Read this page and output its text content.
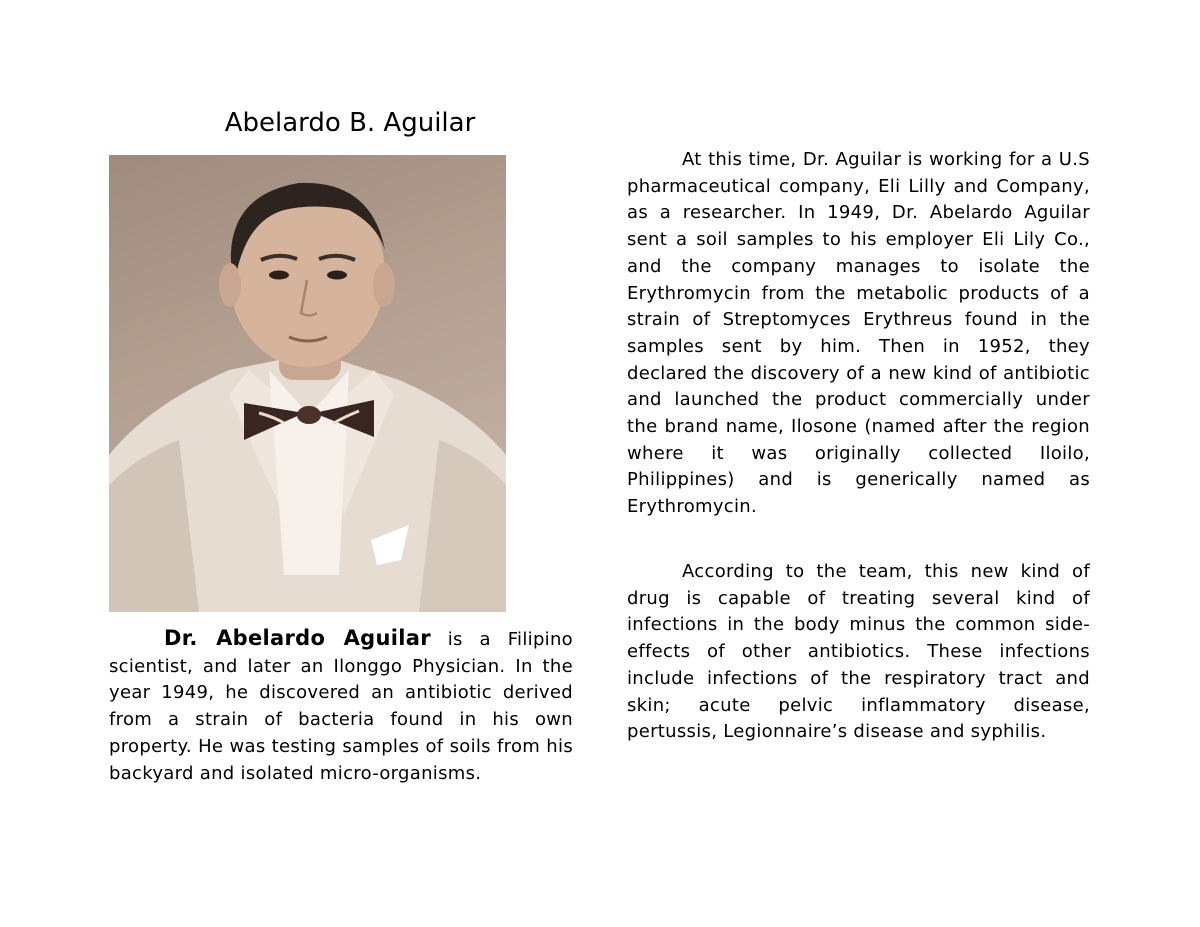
Abelardo B. Aguilar

Dr. Abelardo Aguilar is a Filipino scientist, and later an Ilonggo Physician. In the year 1949, he discovered an antibiotic derived from a strain of bacteria found in his own property. He was testing samples of soils from his backyard and isolated micro-organisms.

At this time, Dr. Aguilar is working for a U.S pharmaceutical company, Eli Lilly and Company, as a researcher. In 1949, Dr. Abelardo Aguilar sent a soil samples to his employer Eli Lily Co., and the company manages to isolate the Erythromycin from the metabolic products of a strain of Streptomyces Erythreus found in the samples sent by him. Then in 1952, they declared the discovery of a new kind of antibiotic and launched the product commercially under the brand name, Ilosone (named after the region where it was originally collected Iloilo, Philippines) and is generically named as Erythromycin.

According to the team, this new kind of drug is capable of treating several kind of infections in the body minus the common side-effects of other antibiotics. These infections include infections of the respiratory tract and skin; acute pelvic inflammatory disease, pertussis, Legionnaire’s disease and syphilis.
